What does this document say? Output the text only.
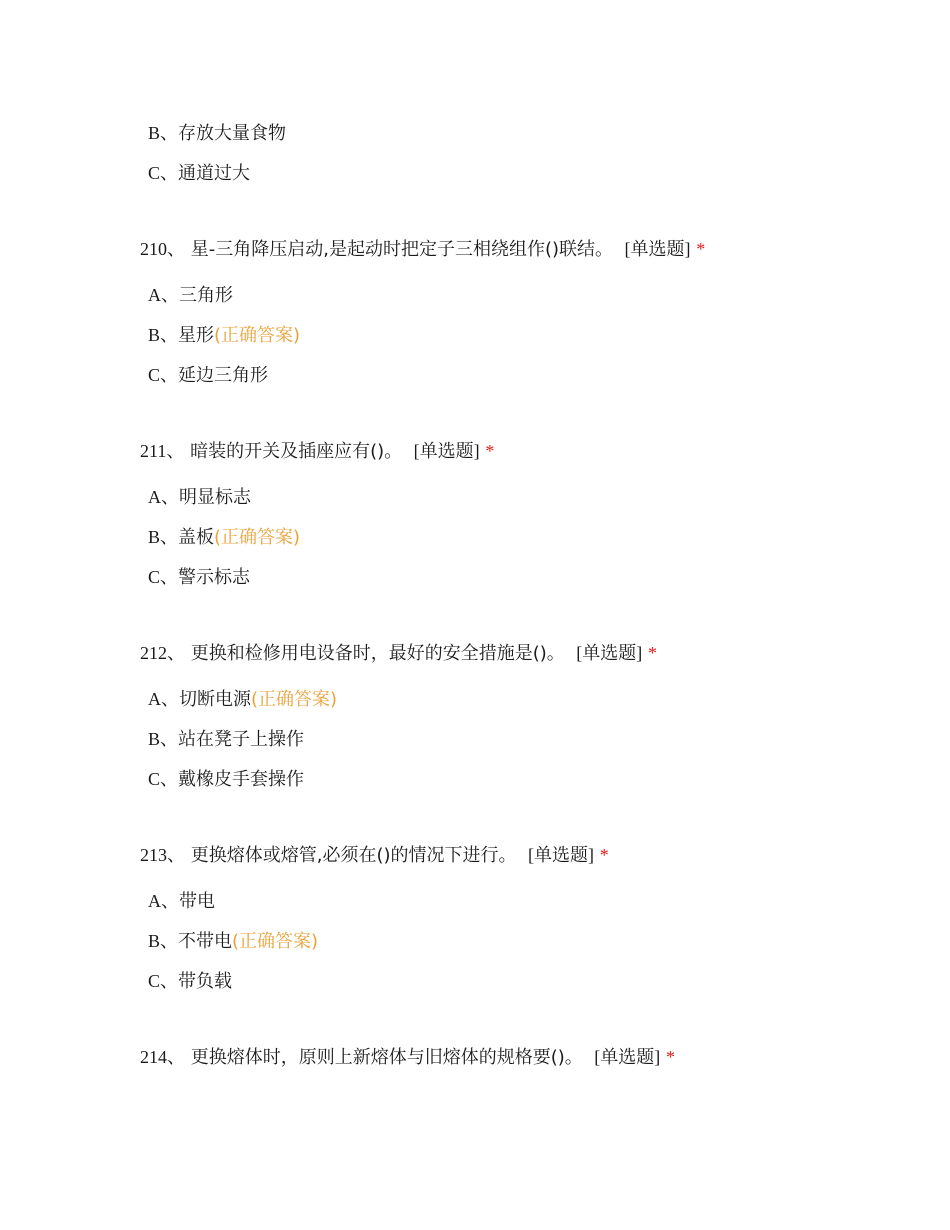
B、存放大量食物
C、通道过大
210、 星-三角降压启动,是起动时把定子三相绕组作()联结。 [单选题] *
A、三角形
B、星形(正确答案)
C、延边三角形
211、 暗装的开关及插座应有()。 [单选题] *
A、明显标志
B、盖板(正确答案)
C、警示标志
212、 更换和检修用电设备时，最好的安全措施是()。 [单选题] *
A、切断电源(正确答案)
B、站在凳子上操作
C、戴橡皮手套操作
213、 更换熔体或熔管,必须在()的情况下进行。 [单选题] *
A、带电
B、不带电(正确答案)
C、带负载
214、 更换熔体时，原则上新熔体与旧熔体的规格要()。 [单选题] *
